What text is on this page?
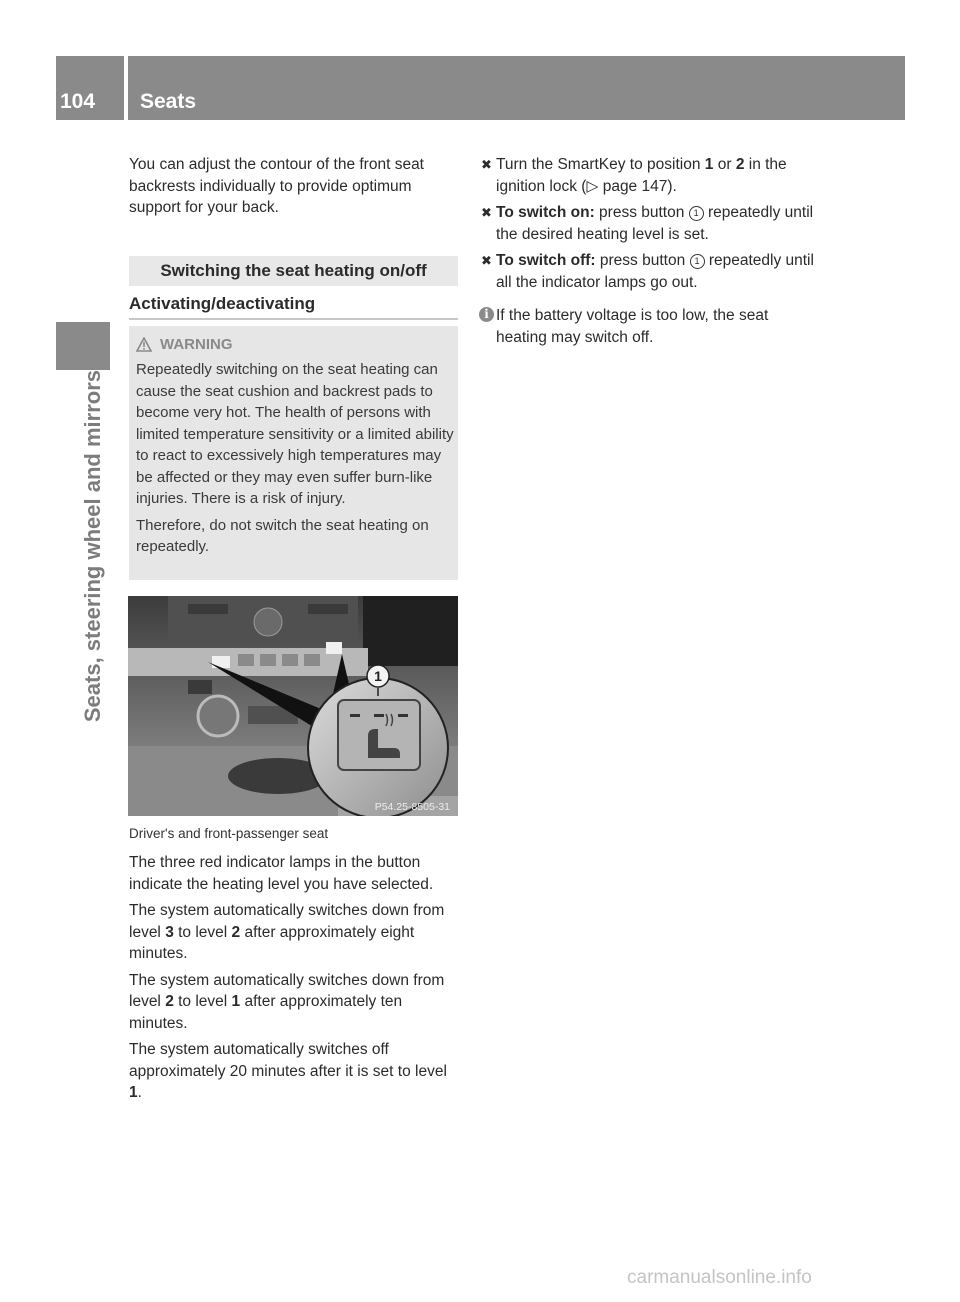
104 Seats
Seats, steering wheel and mirrors

You can adjust the contour of the front seat backrests individually to provide optimum support for your back.

Switching the seat heating on/off
Activating/deactivating
WARNING

Repeatedly switching on the seat heating can cause the seat cushion and backrest pads to become very hot. The health of persons with limited temperature sensitivity or a limited ability to react to excessively high temperatures may be affected or they may even suffer burn-like injuries. There is a risk of injury.

Therefore, do not switch the seat heating on repeatedly.

1
P54.25-8505-31
Driver's and front-passenger seat

The three red indicator lamps in the button indicate the heating level you have selected.

The system automatically switches down from level 3 to level 2 after approximately eight minutes.

The system automatically switches down from level 2 to level 1 after approximately ten minutes.

The system automatically switches off approximately 20 minutes after it is set to level 1.

✖ Turn the SmartKey to position 1 or 2 in the ignition lock (▷ page 147).
✖ To switch on: press button 1 repeatedly until the desired heating level is set.
✖ To switch off: press button 1 repeatedly until all the indicator lamps go out.
i If the battery voltage is too low, the seat heating may switch off.
carmanualsonline.info
